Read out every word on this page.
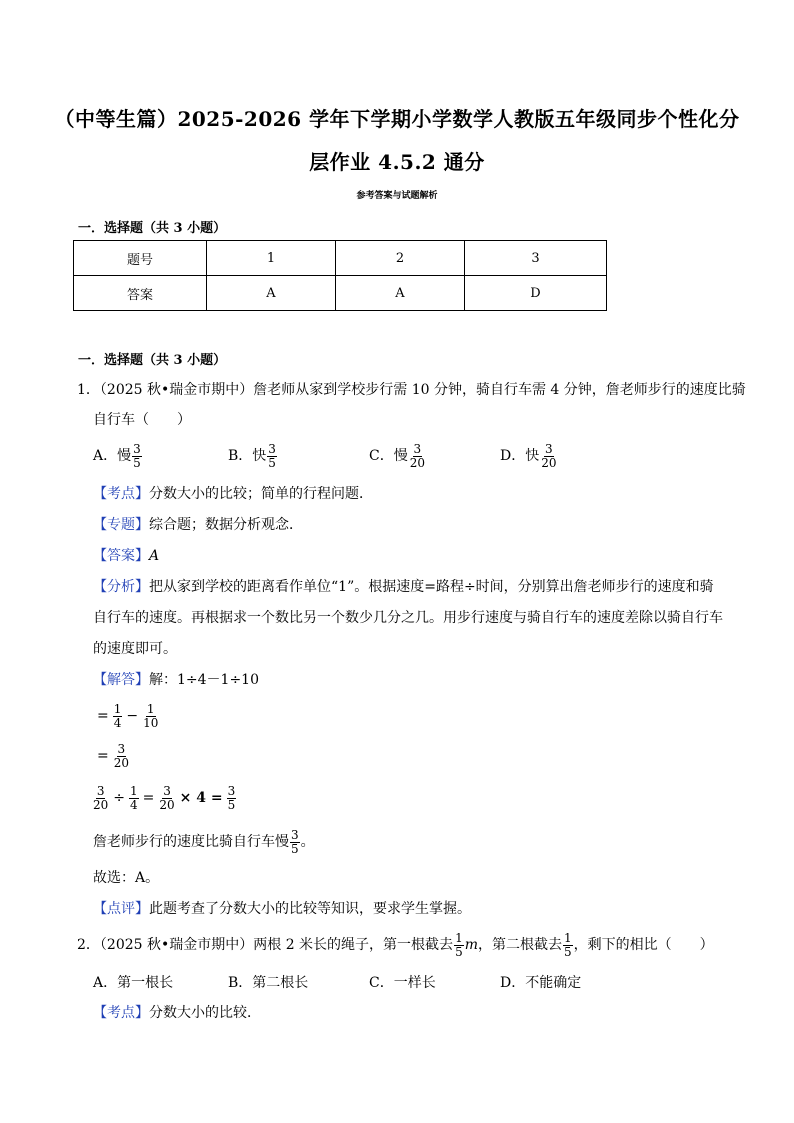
（中等生篇）2025-2026 学年下学期小学数学人教版五年级同步个性化分
层作业 4.5.2 通分
参考答案与试题解析
一．选择题（共 3 小题）
题号	1	2	3
答案	A	A	D
一．选择题（共 3 小题）
1．（2025 秋•瑞金市期中）詹老师从家到学校步行需 10 分钟，骑自行车需 4 分钟，詹老师步行的速度比骑
自行车（　　）
A．慢 $\frac{3}{5}$	B．快 $\frac{3}{5}$	C．慢 $\frac{3}{20}$	D．快 $\frac{3}{20}$
【考点】分数大小的比较；简单的行程问题．
【专题】综合题；数据分析观念．
【答案】A
【分析】把从家到学校的距离看作单位“1”。根据速度=路程÷时间，分别算出詹老师步行的速度和骑
自行车的速度。再根据求一个数比另一个数少几分之几。用步行速度与骑自行车的速度差除以骑自行车
的速度即可。
【解答】解：1÷4－1÷10
= $\frac{1}{4} - \frac{1}{10}$
= $\frac{3}{20}$
$\frac{3}{20} \div \frac{1}{4} = \frac{3}{20} \times 4 = \frac{3}{5}$
詹老师步行的速度比骑自行车慢 $\frac{3}{5}$ 。
故选：A。
【点评】此题考查了分数大小的比较等知识，要求学生掌握。
2．（2025 秋•瑞金市期中）两根 2 米长的绳子，第一根截去 $\frac{1}{5}$ m ，第二根截去 $\frac{1}{5}$ ，剩下的相比（　　）
A．第一根长	B．第二根长	C．一样长	D．不能确定
【考点】分数大小的比较．
